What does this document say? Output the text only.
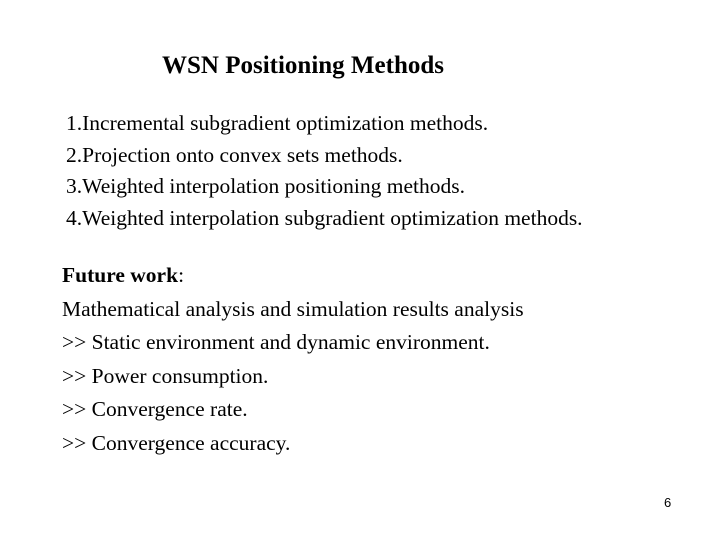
WSN Positioning Methods
1.Incremental subgradient optimization methods.
2.Projection onto convex sets methods.
3.Weighted interpolation positioning methods.
4.Weighted interpolation subgradient optimization methods.
Future work:
Mathematical analysis and simulation results analysis
>> Static environment and dynamic environment.
>> Power consumption.
>> Convergence rate.
>> Convergence accuracy.
6
